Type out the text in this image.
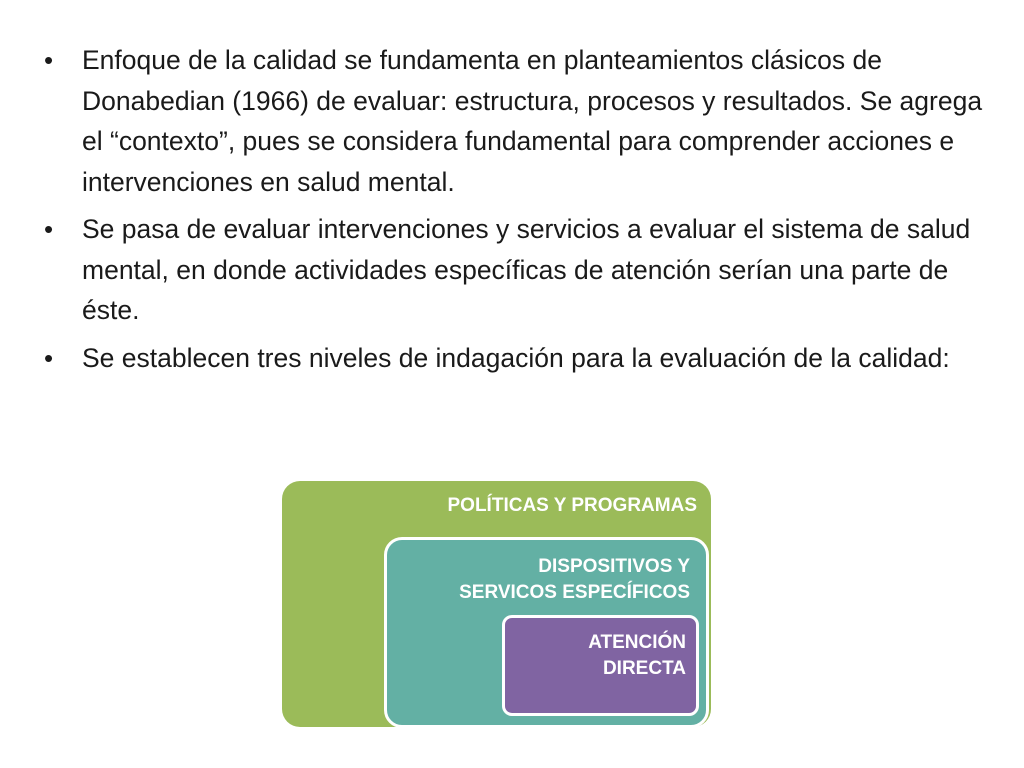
• Enfoque de la calidad se fundamenta en planteamientos clásicos de Donabedian (1966) de evaluar: estructura, procesos y resultados. Se agrega el “contexto”, pues se considera fundamental para comprender acciones e intervenciones en salud mental.
• Se pasa de evaluar intervenciones y servicios a evaluar el sistema de salud mental, en donde actividades específicas de atención serían una parte de éste.
• Se establecen tres niveles de indagación para la evaluación de la calidad:
POLÍTICAS Y PROGRAMAS
DISPOSITIVOS Y
SERVICOS ESPECÍFICOS
ATENCIÓN
DIRECTA
